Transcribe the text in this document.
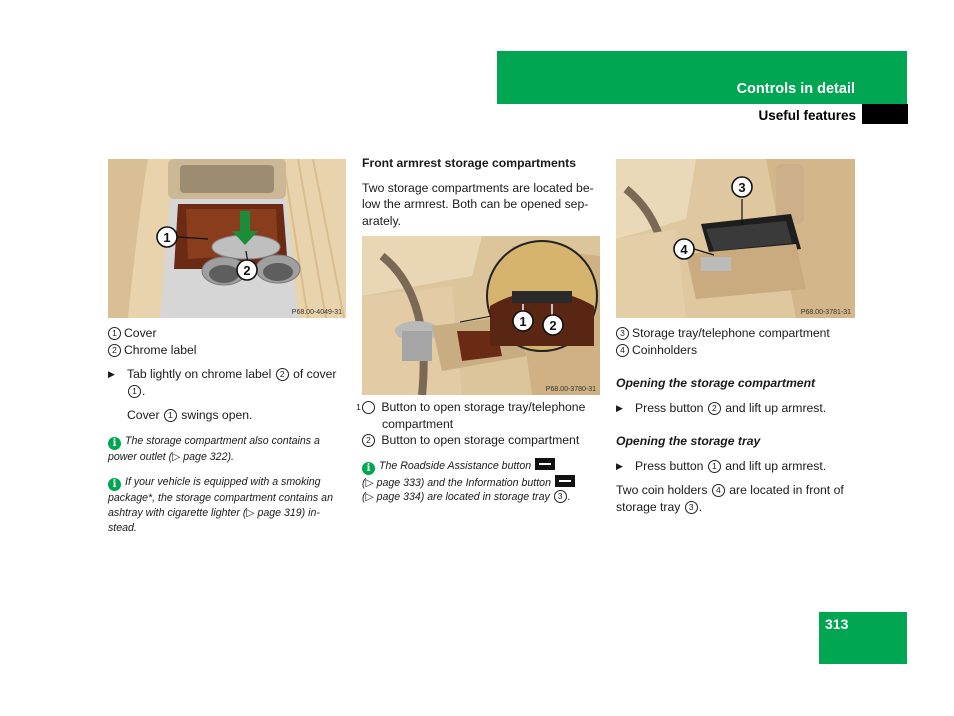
Controls in detail
Useful features
1
2
P68.00-4049-31

1 Cover

2 Chrome label

▶ Tab lightly on chrome label 2 of cover 1 .

Cover 1 swings open.

i The storage compartment also contains a power outlet (▷ page 322).

i If your vehicle is equipped with a smoking package*, the storage compartment contains an ashtray with cigarette lighter (▷ page 319) in-stead.

Front armrest storage compartments

Two storage compartments are located be-low the armrest. Both can be opened sep-arately.

1 2
P68.00-3780-31

1 Button to open storage tray/telephone compartment

2 Button to open storage compartment

i The Roadside Assistance button

(▷ page 333) and the Information button

(▷ page 334) are located in storage tray 3 .

3
4
P68.00-3781-31

3 Storage tray/telephone compartment

4 Coinholders

Opening the storage compartment

▶ Press button 2 and lift up armrest.

Opening the storage tray

▶ Press button 1 and lift up armrest.

Two coin holders 4 are located in front of storage tray 3 .

313
